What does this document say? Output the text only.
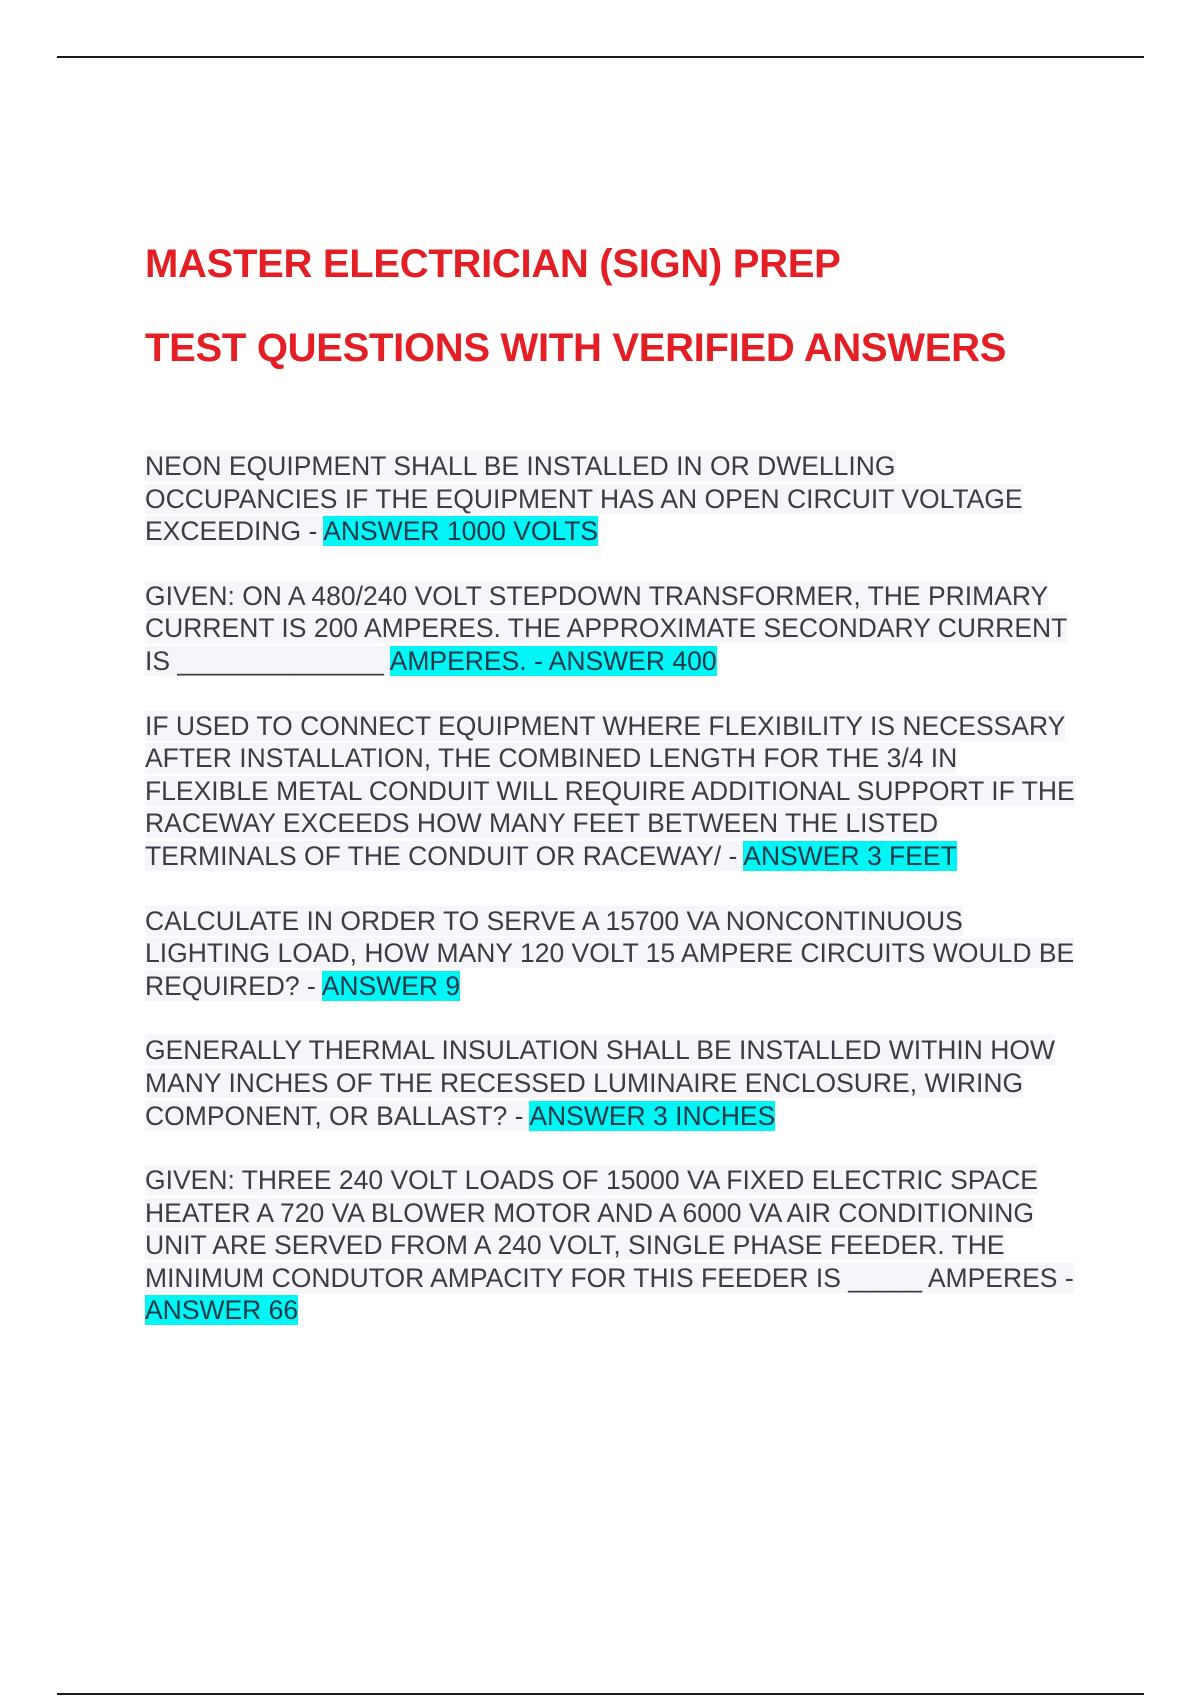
MASTER ELECTRICIAN (SIGN) PREP
TEST QUESTIONS WITH VERIFIED ANSWERS

NEON EQUIPMENT SHALL BE INSTALLED IN OR DWELLING OCCUPANCIES IF THE EQUIPMENT HAS AN OPEN CIRCUIT VOLTAGE EXCEEDING - ANSWER 1000 VOLTS

GIVEN: ON A 480/240 VOLT STEPDOWN TRANSFORMER, THE PRIMARY CURRENT IS 200 AMPERES. THE APPROXIMATE SECONDARY CURRENT IS ______________ AMPERES. - ANSWER 400

IF USED TO CONNECT EQUIPMENT WHERE FLEXIBILITY IS NECESSARY AFTER INSTALLATION, THE COMBINED LENGTH FOR THE 3/4 IN FLEXIBLE METAL CONDUIT WILL REQUIRE ADDITIONAL SUPPORT IF THE RACEWAY EXCEEDS HOW MANY FEET BETWEEN THE LISTED TERMINALS OF THE CONDUIT OR RACEWAY/ - ANSWER 3 FEET

CALCULATE IN ORDER TO SERVE A 15700 VA NONCONTINUOUS LIGHTING LOAD, HOW MANY 120 VOLT 15 AMPERE CIRCUITS WOULD BE REQUIRED? - ANSWER 9

GENERALLY THERMAL INSULATION SHALL BE INSTALLED WITHIN HOW MANY INCHES OF THE RECESSED LUMINAIRE ENCLOSURE, WIRING COMPONENT, OR BALLAST? - ANSWER 3 INCHES

GIVEN: THREE 240 VOLT LOADS OF 15000 VA FIXED ELECTRIC SPACE HEATER A 720 VA BLOWER MOTOR AND A 6000 VA AIR CONDITIONING UNIT ARE SERVED FROM A 240 VOLT, SINGLE PHASE FEEDER. THE MINIMUM CONDUTOR AMPACITY FOR THIS FEEDER IS _____ AMPERES - ANSWER 66
